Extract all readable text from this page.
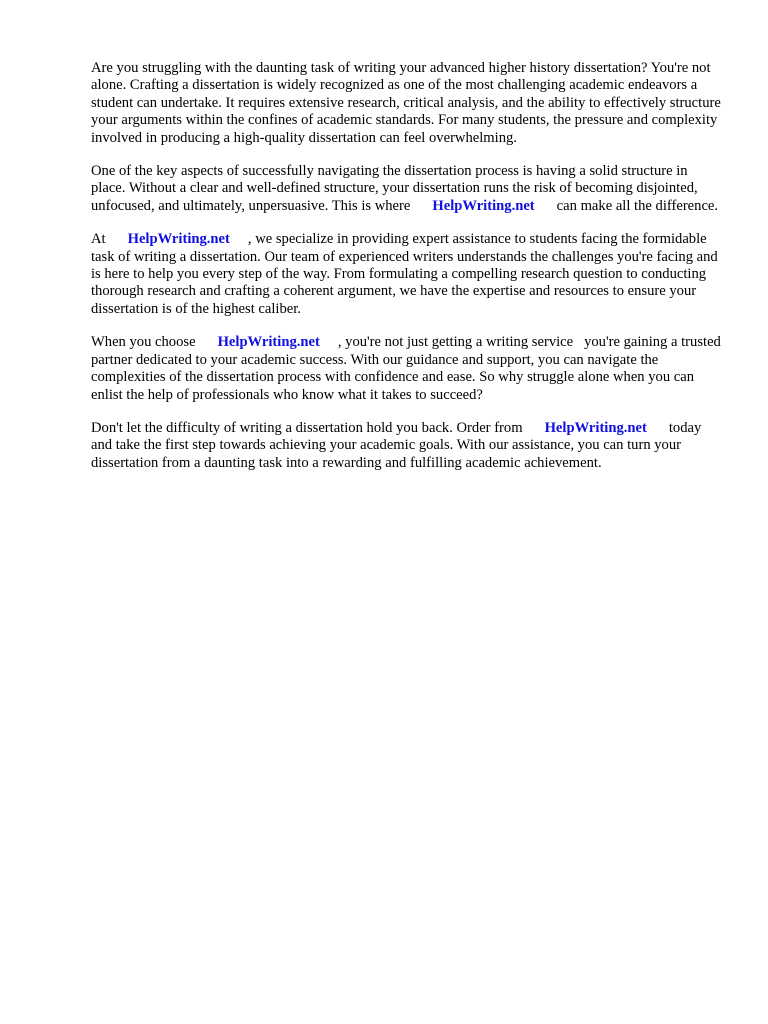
Are you struggling with the daunting task of writing your advanced higher history dissertation? You're not alone. Crafting a dissertation is widely recognized as one of the most challenging academic endeavors a student can undertake. It requires extensive research, critical analysis, and the ability to effectively structure your arguments within the confines of academic standards. For many students, the pressure and complexity involved in producing a high-quality dissertation can feel overwhelming.

One of the key aspects of successfully navigating the dissertation process is having a solid structure in place. Without a clear and well-defined structure, your dissertation runs the risk of becoming disjointed, unfocused, and ultimately, unpersuasive. This is where HelpWriting.net can make all the difference.

At HelpWriting.net , we specialize in providing expert assistance to students facing the formidable task of writing a dissertation. Our team of experienced writers understands the challenges you're facing and is here to help you every step of the way. From formulating a compelling research question to conducting thorough research and crafting a coherent argument, we have the expertise and resources to ensure your dissertation is of the highest caliber.

When you choose HelpWriting.net , you're not just getting a writing service   you're gaining a trusted partner dedicated to your academic success. With our guidance and support, you can navigate the complexities of the dissertation process with confidence and ease. So why struggle alone when you can enlist the help of professionals who know what it takes to succeed?

Don't let the difficulty of writing a dissertation hold you back. Order from HelpWriting.net today and take the first step towards achieving your academic goals. With our assistance, you can turn your dissertation from a daunting task into a rewarding and fulfilling academic achievement.
